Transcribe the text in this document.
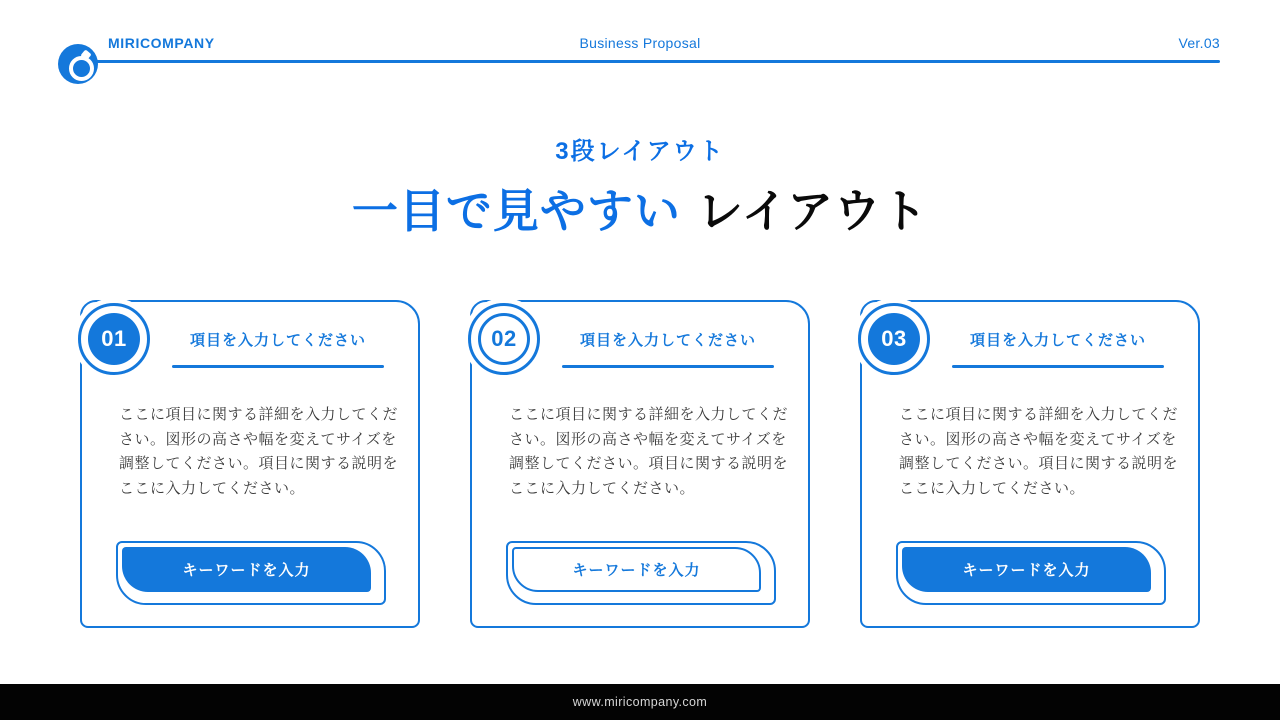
MIRICOMPANY	Business Proposal	Ver.03
3段レイアウト
一目で見やすい レイアウト
01	項目を入力してください

ここに項目に関する詳細を入力してください。図形の高さや幅を変えてサイズを調整してください。項目に関する説明をここに入力してください。

キーワードを入力
02	項目を入力してください

ここに項目に関する詳細を入力してください。図形の高さや幅を変えてサイズを調整してください。項目に関する説明をここに入力してください。

キーワードを入力
03	項目を入力してください

ここに項目に関する詳細を入力してください。図形の高さや幅を変えてサイズを調整してください。項目に関する説明をここに入力してください。

キーワードを入力
www.miricompany.com
